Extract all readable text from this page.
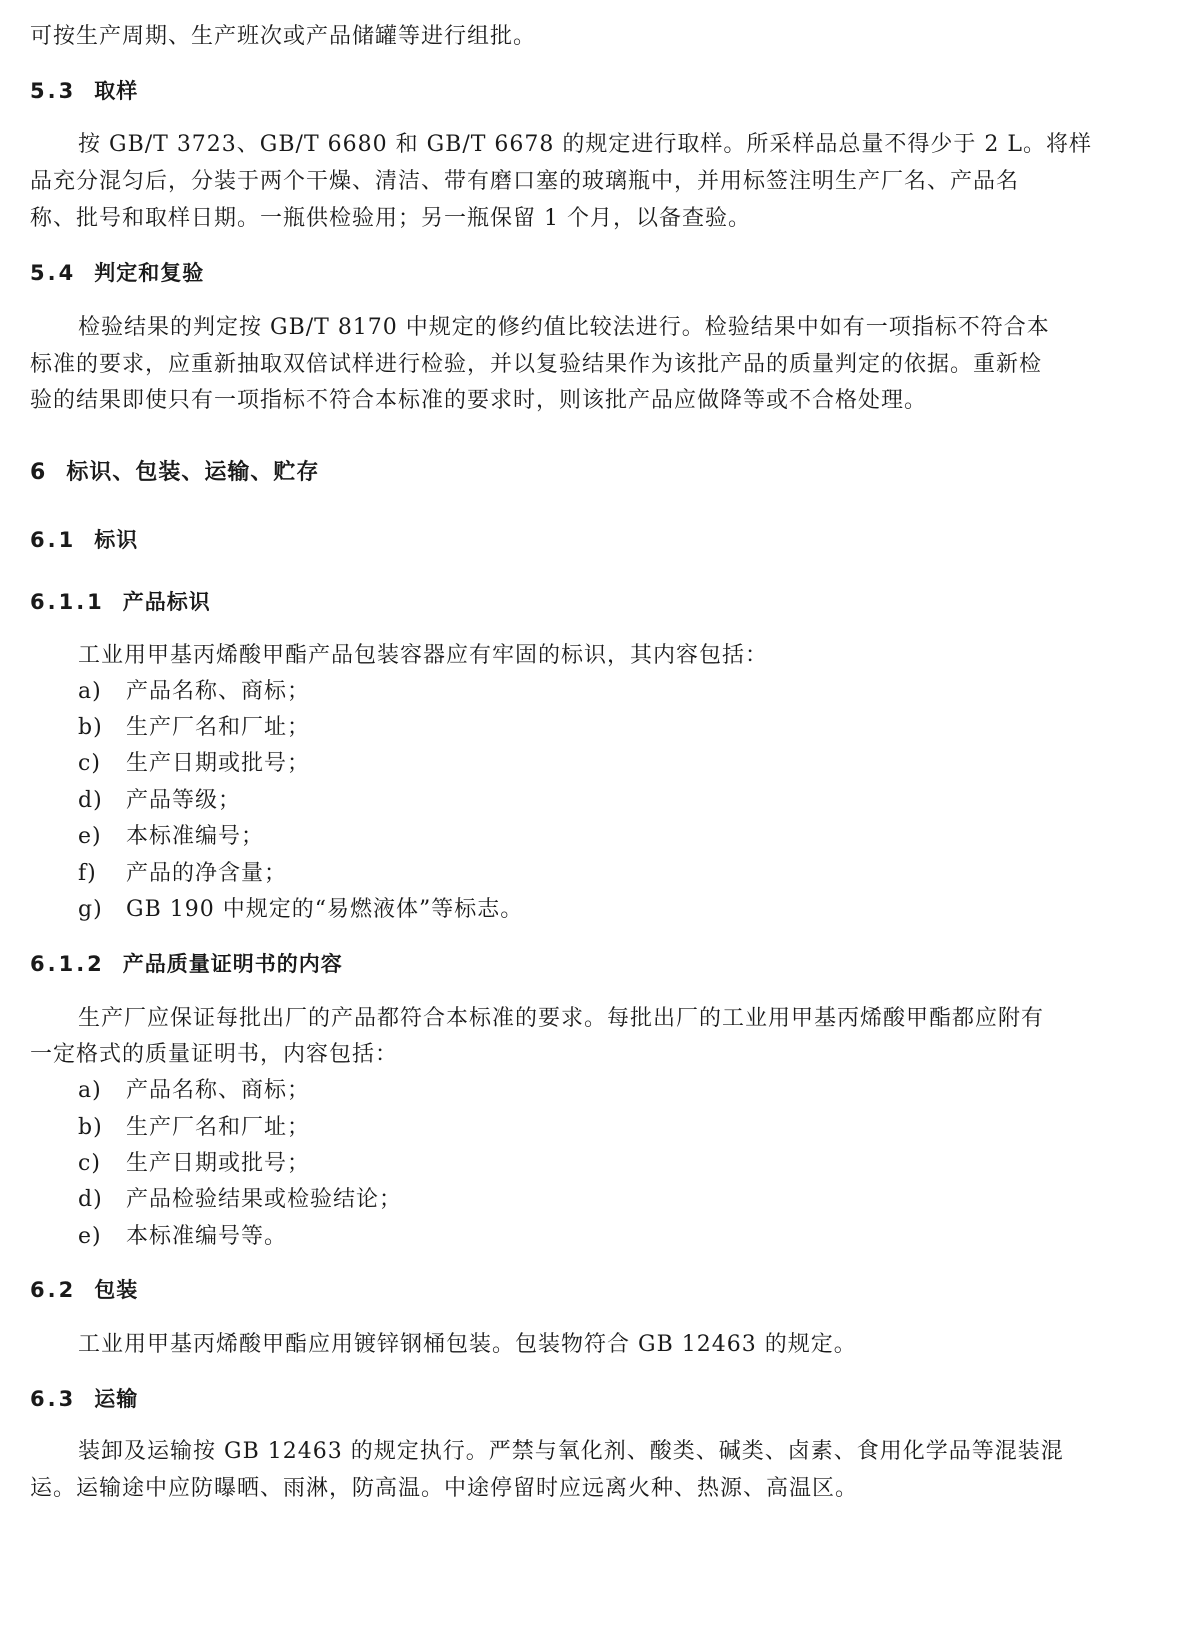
可按生产周期、生产班次或产品储罐等进行组批。
5.3 取样
按 GB/T 3723、GB/T 6680 和 GB/T 6678 的规定进行取样。所采样品总量不得少于 2 L。将样
品充分混匀后，分装于两个干燥、清洁、带有磨口塞的玻璃瓶中，并用标签注明生产厂名、产品名
称、批号和取样日期。一瓶供检验用；另一瓶保留 1 个月，以备查验。
5.4 判定和复验
检验结果的判定按 GB/T 8170 中规定的修约值比较法进行。检验结果中如有一项指标不符合本
标准的要求，应重新抽取双倍试样进行检验，并以复验结果作为该批产品的质量判定的依据。重新检
验的结果即使只有一项指标不符合本标准的要求时，则该批产品应做降等或不合格处理。
6 标识、包装、运输、贮存
6.1 标识
6.1.1 产品标识
工业用甲基丙烯酸甲酯产品包装容器应有牢固的标识，其内容包括：
a) 产品名称、商标；
b) 生产厂名和厂址；
c) 生产日期或批号；
d) 产品等级；
e) 本标准编号；
f) 产品的净含量；
g) GB 190 中规定的“易燃液体”等标志。
6.1.2 产品质量证明书的内容
生产厂应保证每批出厂的产品都符合本标准的要求。每批出厂的工业用甲基丙烯酸甲酯都应附有
一定格式的质量证明书，内容包括：
a) 产品名称、商标；
b) 生产厂名和厂址；
c) 生产日期或批号；
d) 产品检验结果或检验结论；
e) 本标准编号等。
6.2 包装
工业用甲基丙烯酸甲酯应用镀锌钢桶包装。包装物符合 GB 12463 的规定。
6.3 运输
装卸及运输按 GB 12463 的规定执行。严禁与氧化剂、酸类、碱类、卤素、食用化学品等混装混
运。运输途中应防曝晒、雨淋，防高温。中途停留时应远离火种、热源、高温区。
